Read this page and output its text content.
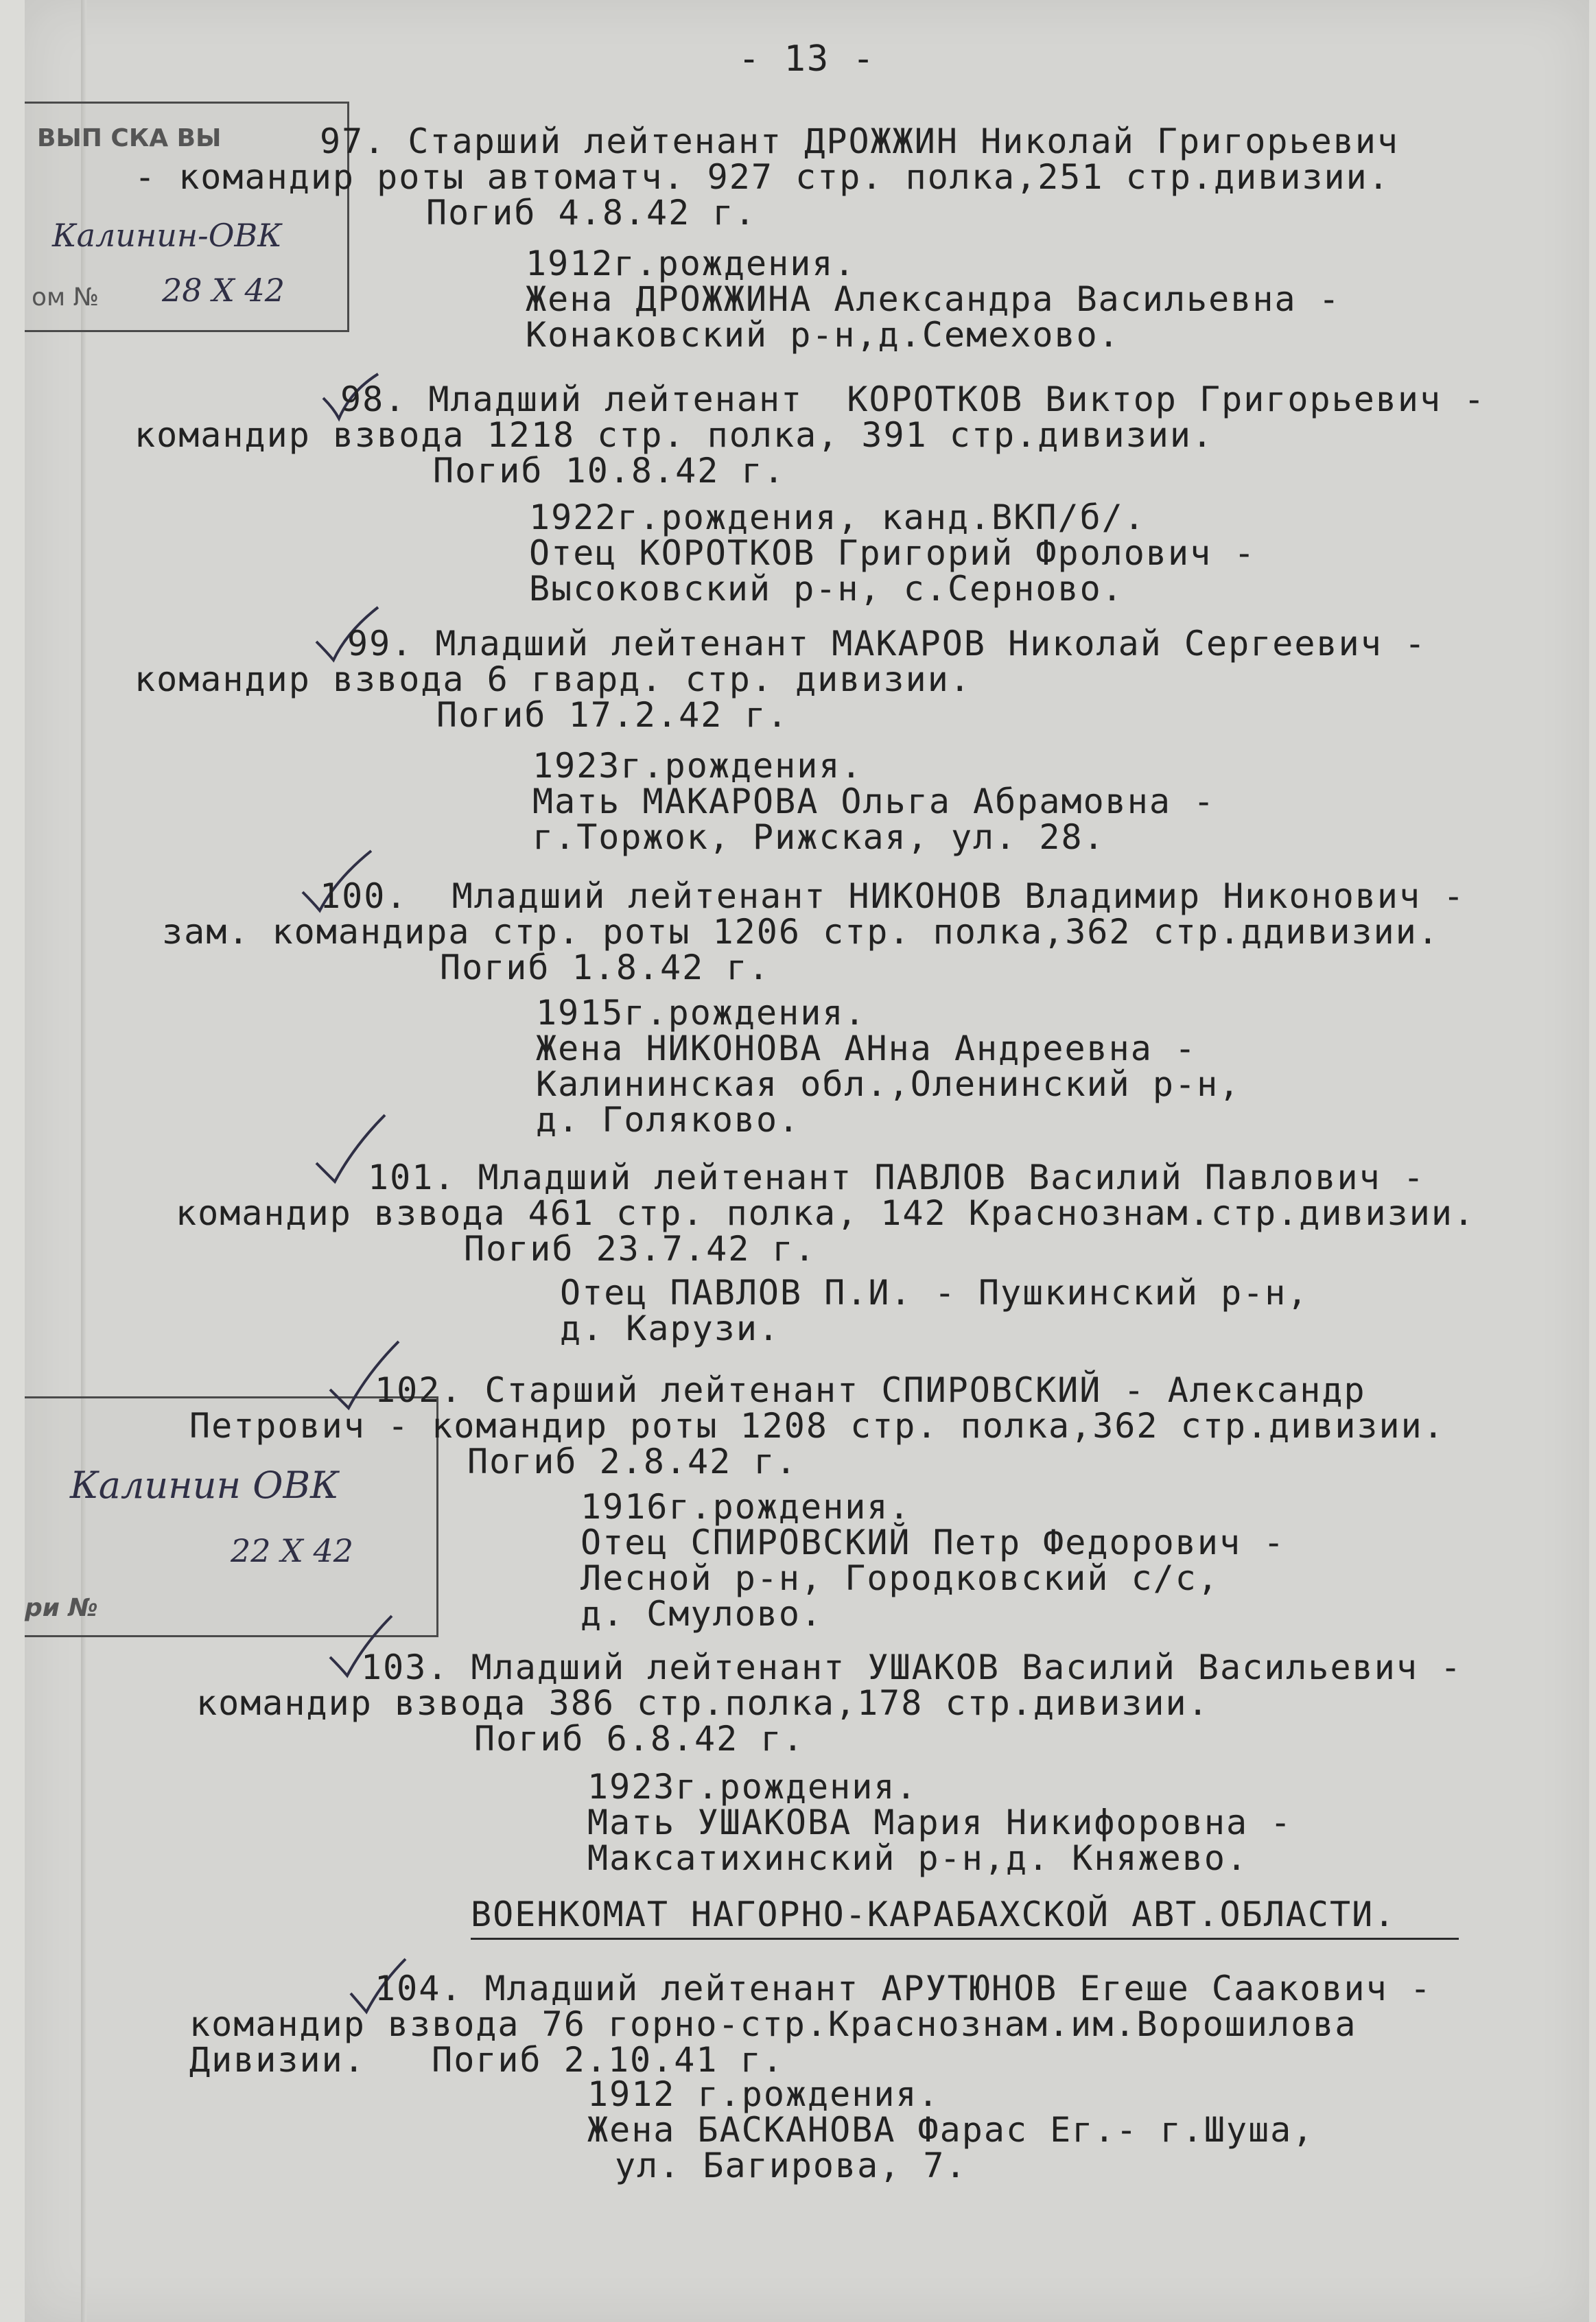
- 13 -
ВЫП СКА ВЫ
Калинин-ОВК
ом № 28 X 42
Калинин ОВК
22 X 42
ри №
97. Старший лейтенант ДРОЖЖИН Николай Григорьевич
- командир роты автоматч. 927 стр. полка,251 стр.дивизии.
Погиб 4.8.42 г.
1912г.рождения.
Жена ДРОЖЖИНА Александра Васильевна -
Конаковский р-н,д.Семехово.
98. Младший лейтенант  КОРОТКОВ Виктор Григорьевич -
командир взвода 1218 стр. полка, 391 стр.дивизии.
Погиб 10.8.42 г.
1922г.рождения, канд.ВКП/б/.
Отец КОРОТКОВ Григорий Фролович -
Высоковский р-н, с.Серново.
99. Младший лейтенант МАКАРОВ Николай Сергеевич -
командир взвода 6 гвард. стр. дивизии.
Погиб 17.2.42 г.
1923г.рождения.
Мать МАКАРОВА Ольга Абрамовна -
г.Торжок, Рижская, ул. 28.
100.  Младший лейтенант НИКОНОВ Владимир Никонович -
зам. командира стр. роты 1206 стр. полка,362 стр.ддивизии.
Погиб 1.8.42 г.
1915г.рождения.
Жена НИКОНОВА АНна Андреевна -
Калининская обл.,Оленинский р-н,
д. Голяково.
101. Младший лейтенант ПАВЛОВ Василий Павлович -
командир взвода 461 стр. полка, 142 Краснознам.стр.дивизии.
Погиб 23.7.42 г.
Отец ПАВЛОВ П.И. - Пушкинский р-н,
д. Карузи.
102. Старший лейтенант СПИРОВСКИЙ - Александр
Петрович - командир роты 1208 стр. полка,362 стр.дивизии.
Погиб 2.8.42 г.
1916г.рождения.
Отец СПИРОВСКИЙ Петр Федорович -
Лесной р-н, Городковский с/с,
д. Смулово.
103. Младший лейтенант УШАКОВ Василий Васильевич -
командир взвода 386 стр.полка,178 стр.дивизии.
Погиб 6.8.42 г.
1923г.рождения.
Мать УШАКОВА Мария Никифоровна -
Максатихинский р-н,д. Княжево.
ВОЕНКОМАТ НАГОРНО-КАРАБАХСКОЙ АВТ.ОБЛАСТИ.
104. Младший лейтенант АРУТЮНОВ Егеше Саакович -
командир взвода 76 горно-стр.Краснознам.им.Ворошилова
Дивизии.   Погиб 2.10.41 г.
1912 г.рождения.
Жена БАСКАНОВА Фарас Ег.- г.Шуша,
ул. Багирова, 7.
